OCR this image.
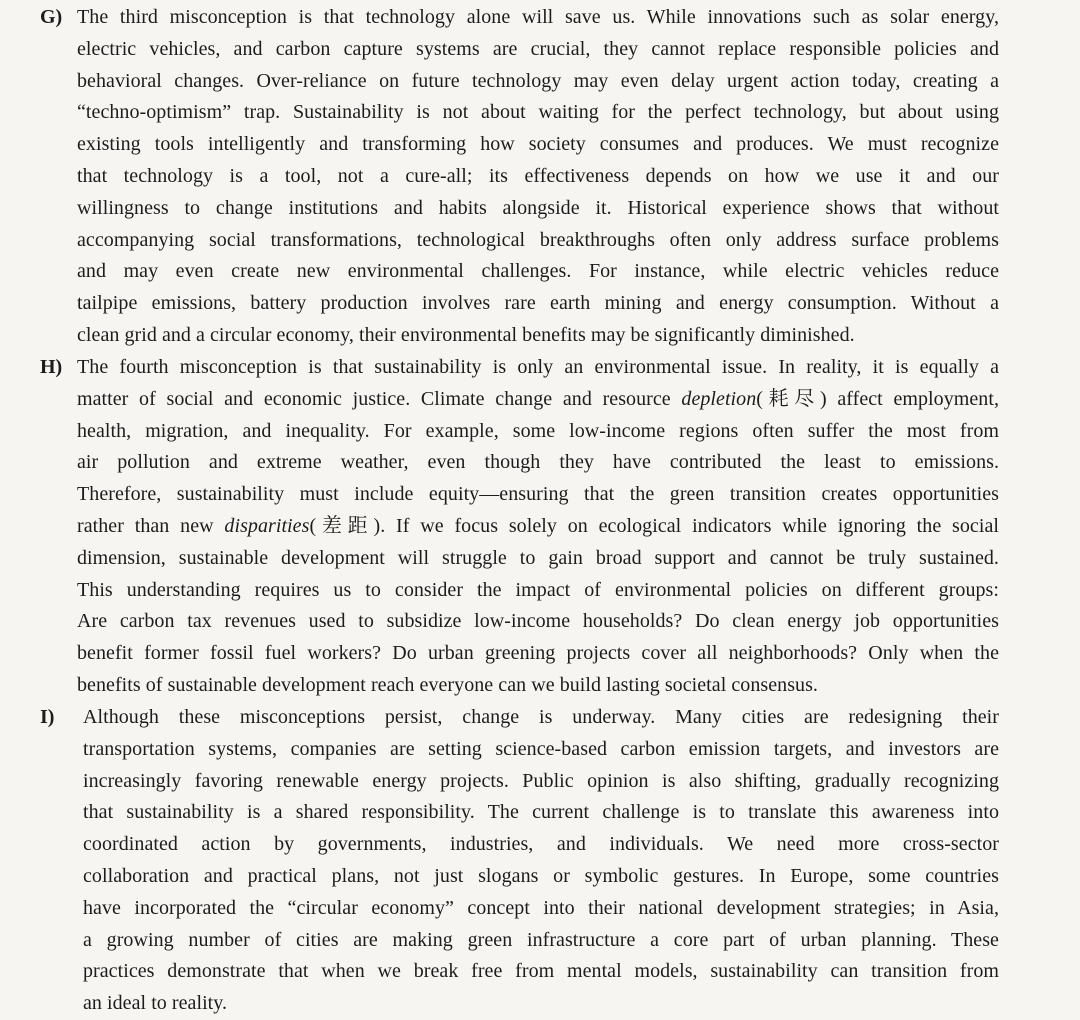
G) The third misconception is that technology alone will save us. While innovations such as solar energy,
electric vehicles, and carbon capture systems are crucial, they cannot replace responsible policies and
behavioral changes. Over-reliance on future technology may even delay urgent action today, creating a
“techno-optimism” trap. Sustainability is not about waiting for the perfect technology, but about using
existing tools intelligently and transforming how society consumes and produces. We must recognize
that technology is a tool, not a cure-all; its effectiveness depends on how we use it and our
willingness to change institutions and habits alongside it. Historical experience shows that without
accompanying social transformations, technological breakthroughs often only address surface problems
and may even create new environmental challenges. For instance, while electric vehicles reduce
tailpipe emissions, battery production involves rare earth mining and energy consumption. Without a
clean grid and a circular economy, their environmental benefits may be significantly diminished.
H) The fourth misconception is that sustainability is only an environmental issue. In reality, it is equally a
matter of social and economic justice. Climate change and resource depletion(耗尽) affect employment,
health, migration, and inequality. For example, some low-income regions often suffer the most from
air pollution and extreme weather, even though they have contributed the least to emissions.
Therefore, sustainability must include equity—ensuring that the green transition creates opportunities
rather than new disparities(差距). If we focus solely on ecological indicators while ignoring the social
dimension, sustainable development will struggle to gain broad support and cannot be truly sustained.
This understanding requires us to consider the impact of environmental policies on different groups:
Are carbon tax revenues used to subsidize low-income households? Do clean energy job opportunities
benefit former fossil fuel workers? Do urban greening projects cover all neighborhoods? Only when the
benefits of sustainable development reach everyone can we build lasting societal consensus.
I) Although these misconceptions persist, change is underway. Many cities are redesigning their
transportation systems, companies are setting science-based carbon emission targets, and investors are
increasingly favoring renewable energy projects. Public opinion is also shifting, gradually recognizing
that sustainability is a shared responsibility. The current challenge is to translate this awareness into
coordinated action by governments, industries, and individuals. We need more cross-sector
collaboration and practical plans, not just slogans or symbolic gestures. In Europe, some countries
have incorporated the “circular economy” concept into their national development strategies; in Asia,
a growing number of cities are making green infrastructure a core part of urban planning. These
practices demonstrate that when we break free from mental models, sustainability can transition from
an ideal to reality.
